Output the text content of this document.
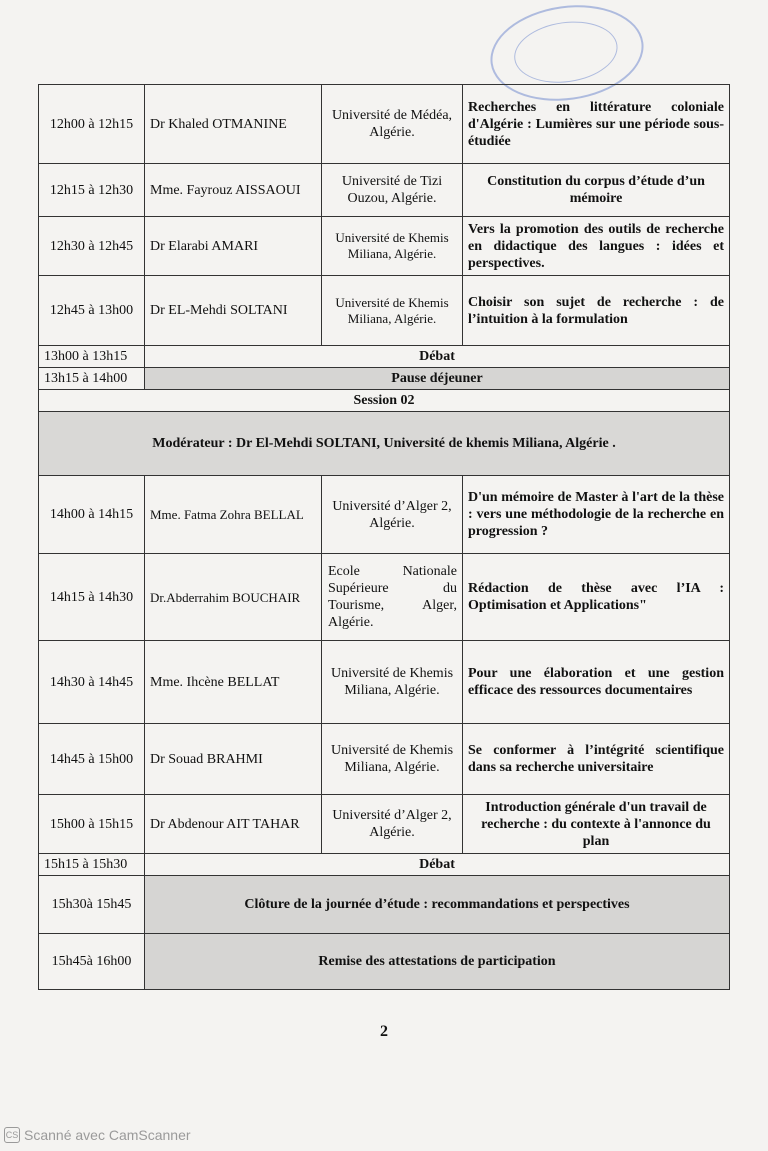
12h00 à 12h15	Dr Khaled OTMANINE	Université de Médéa, Algérie.	Recherches en littérature coloniale d'Algérie : Lumières sur une période sous-étudiée
12h15 à 12h30	Mme. Fayrouz AISSAOUI	Université de Tizi Ouzou, Algérie.	Constitution du corpus d’étude d’un mémoire
12h30 à 12h45	Dr Elarabi AMARI	Université de Khemis Miliana, Algérie.	Vers la promotion des outils de recherche en didactique des langues : idées et perspectives.
12h45 à 13h00	Dr EL-Mehdi SOLTANI	Université de Khemis Miliana, Algérie.	Choisir son sujet de recherche : de l’intuition à la formulation
13h00 à 13h15	Débat		
13h15 à 14h00	Pause déjeuner		
Session 02			
Modérateur : Dr El-Mehdi SOLTANI, Université de khemis Miliana, Algérie .			
14h00 à 14h15	Mme. Fatma Zohra BELLAL	Université d’Alger 2, Algérie.	D'un mémoire de Master à l'art de la thèse : vers une méthodologie de la recherche en progression ?
14h15 à 14h30	Dr.Abderrahim BOUCHAIR	Ecole Nationale Supérieure du Tourisme, Alger, Algérie.	Rédaction de thèse avec l’IA : Optimisation et Applications"
14h30 à 14h45	Mme. Ihcène BELLAT	Université de Khemis Miliana, Algérie.	Pour une élaboration et une gestion efficace des ressources documentaires
14h45 à 15h00	Dr Souad BRAHMI	Université de Khemis Miliana, Algérie.	Se conformer à l’intégrité scientifique dans sa recherche universitaire
15h00 à 15h15	Dr Abdenour AIT TAHAR	Université d’Alger 2, Algérie.	Introduction générale d'un travail de recherche : du contexte à l'annonce du plan
15h15 à 15h30	Débat		
15h30à 15h45	Clôture de la journée d’étude : recommandations et perspectives		
15h45à 16h00	Remise des attestations de participation		
2
CS Scanné avec CamScanner
